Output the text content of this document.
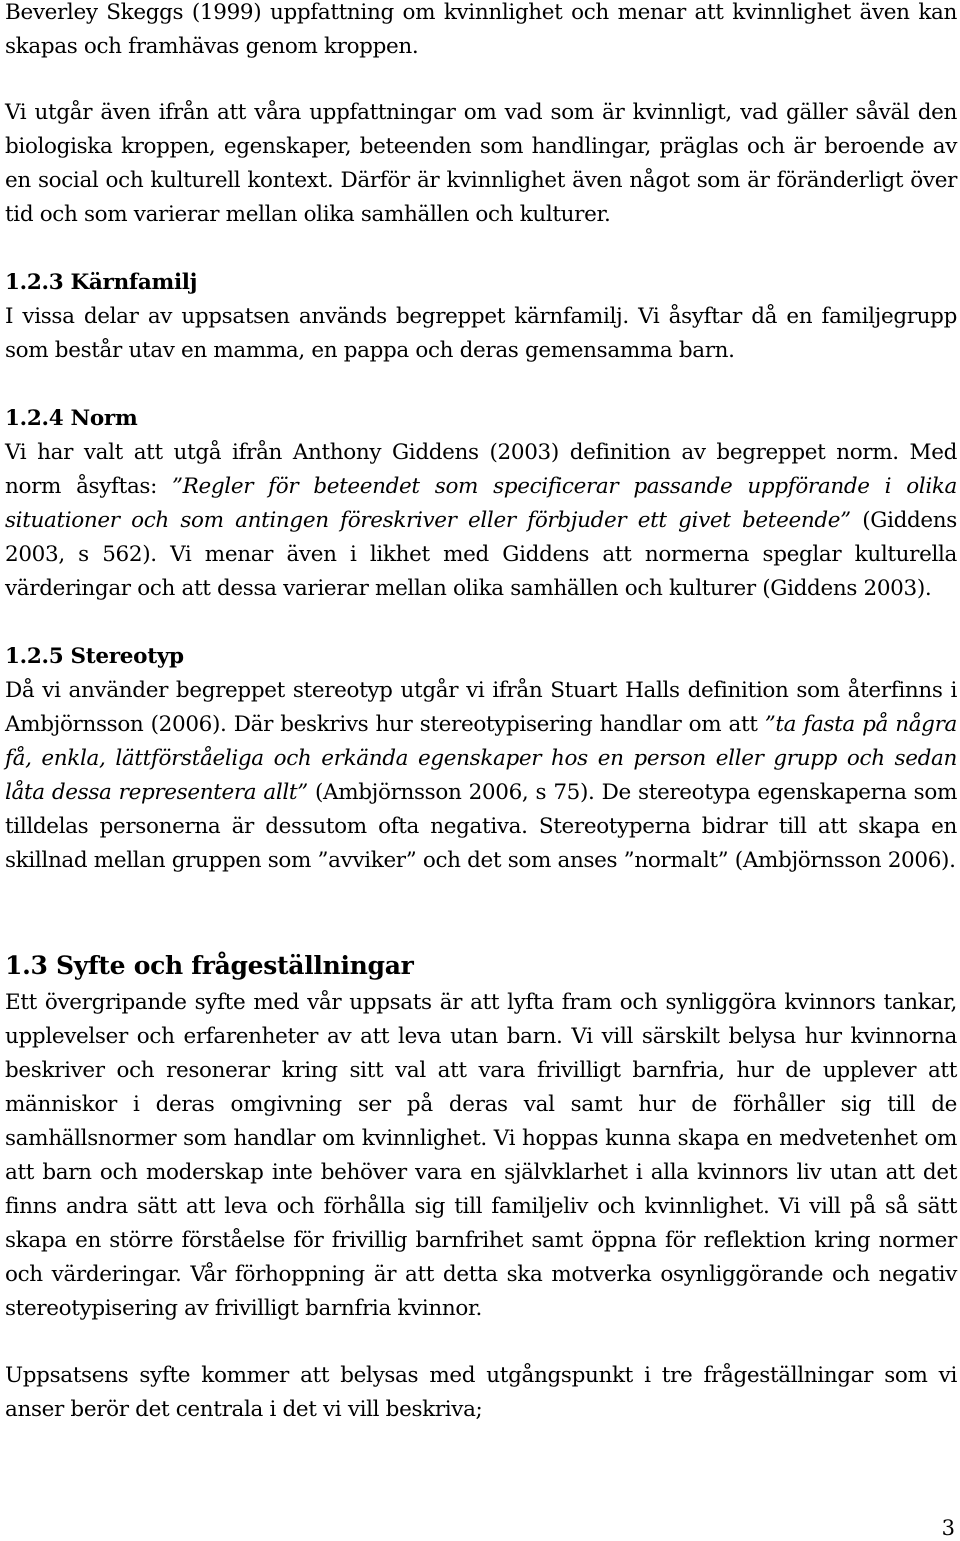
Beverley Skeggs (1999) uppfattning om kvinnlighet och menar att kvinnlighet även kan skapas och framhävas genom kroppen.

Vi utgår även ifrån att våra uppfattningar om vad som är kvinnligt, vad gäller såväl den biologiska kroppen, egenskaper, beteenden som handlingar, präglas och är beroende av en social och kulturell kontext. Därför är kvinnlighet även något som är föränderligt över tid och som varierar mellan olika samhällen och kulturer.

1.2.3 Kärnfamilj

I vissa delar av uppsatsen används begreppet kärnfamilj. Vi åsyftar då en familjegrupp som består utav en mamma, en pappa och deras gemensamma barn.

1.2.4 Norm

Vi har valt att utgå ifrån Anthony Giddens (2003) definition av begreppet norm. Med norm åsyftas: ”Regler för beteendet som specificerar passande uppförande i olika situationer och som antingen föreskriver eller förbjuder ett givet beteende” (Giddens 2003, s 562). Vi menar även i likhet med Giddens att normerna speglar kulturella värderingar och att dessa varierar mellan olika samhällen och kulturer (Giddens 2003).

1.2.5 Stereotyp

Då vi använder begreppet stereotyp utgår vi ifrån Stuart Halls definition som återfinns i Ambjörnsson (2006). Där beskrivs hur stereotypisering handlar om att ”ta fasta på några få, enkla, lättförståeliga och erkända egenskaper hos en person eller grupp och sedan låta dessa representera allt” (Ambjörnsson 2006, s 75). De stereotypa egenskaperna som tilldelas personerna är dessutom ofta negativa. Stereotyperna bidrar till att skapa en skillnad mellan gruppen som ”avviker” och det som anses ”normalt” (Ambjörnsson 2006).

1.3 Syfte och frågeställningar

Ett övergripande syfte med vår uppsats är att lyfta fram och synliggöra kvinnors tankar, upplevelser och erfarenheter av att leva utan barn. Vi vill särskilt belysa hur kvinnorna beskriver och resonerar kring sitt val att vara frivilligt barnfria, hur de upplever att människor i deras omgivning ser på deras val samt hur de förhåller sig till de samhällsnormer som handlar om kvinnlighet. Vi hoppas kunna skapa en medvetenhet om att barn och moderskap inte behöver vara en självklarhet i alla kvinnors liv utan att det finns andra sätt att leva och förhålla sig till familjeliv och kvinnlighet. Vi vill på så sätt skapa en större förståelse för frivillig barnfrihet samt öppna för reflektion kring normer och värderingar. Vår förhoppning är att detta ska motverka osynliggörande och negativ stereotypisering av frivilligt barnfria kvinnor.

Uppsatsens syfte kommer att belysas med utgångspunkt i tre frågeställningar som vi anser berör det centrala i det vi vill beskriva;

3
